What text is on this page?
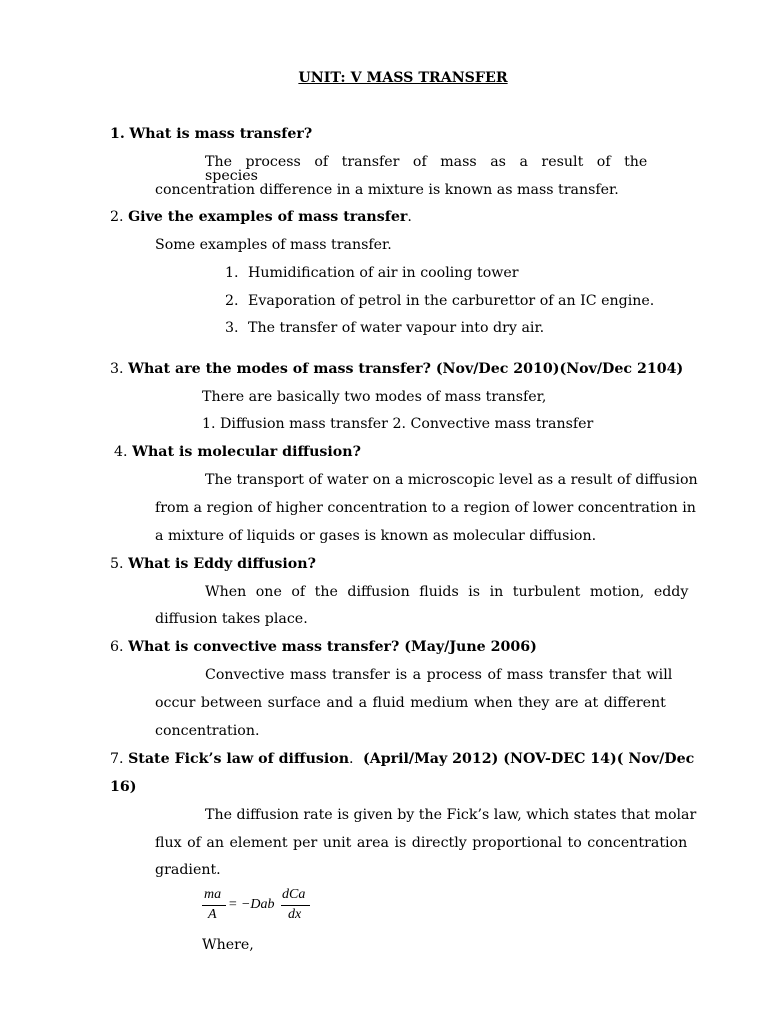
UNIT: V MASS TRANSFER
1. What is mass transfer?
The process of transfer of mass as a result of the species
concentration difference in a mixture is known as mass transfer.
2. Give the examples of mass transfer.
Some examples of mass transfer.
1. Humidification of air in cooling tower
2. Evaporation of petrol in the carburettor of an IC engine.
3. The transfer of water vapour into dry air.
3. What are the modes of mass transfer? (Nov/Dec 2010)(Nov/Dec 2104)
There are basically two modes of mass transfer,
1. Diffusion mass transfer 2. Convective mass transfer
4. What is molecular diffusion?
The transport of water on a microscopic level as a result of diffusion
from a region of higher concentration to a region of lower concentration in
a mixture of liquids or gases is known as molecular diffusion.
5. What is Eddy diffusion?
When one of the diffusion fluids is in turbulent motion, eddy
diffusion takes place.
6. What is convective mass transfer? (May/June 2006)
Convective mass transfer is a process of mass transfer that will
occur between surface and a fluid medium when they are at different
concentration.
7. State Fick’s law of diffusion. (April/May 2012) (NOV-DEC 14)( Nov/Dec
16)
The diffusion rate is given by the Fick’s law, which states that molar
flux of an element per unit area is directly proportional to concentration
gradient.
ma
A
= −Dab
dCa
dx
Where,
